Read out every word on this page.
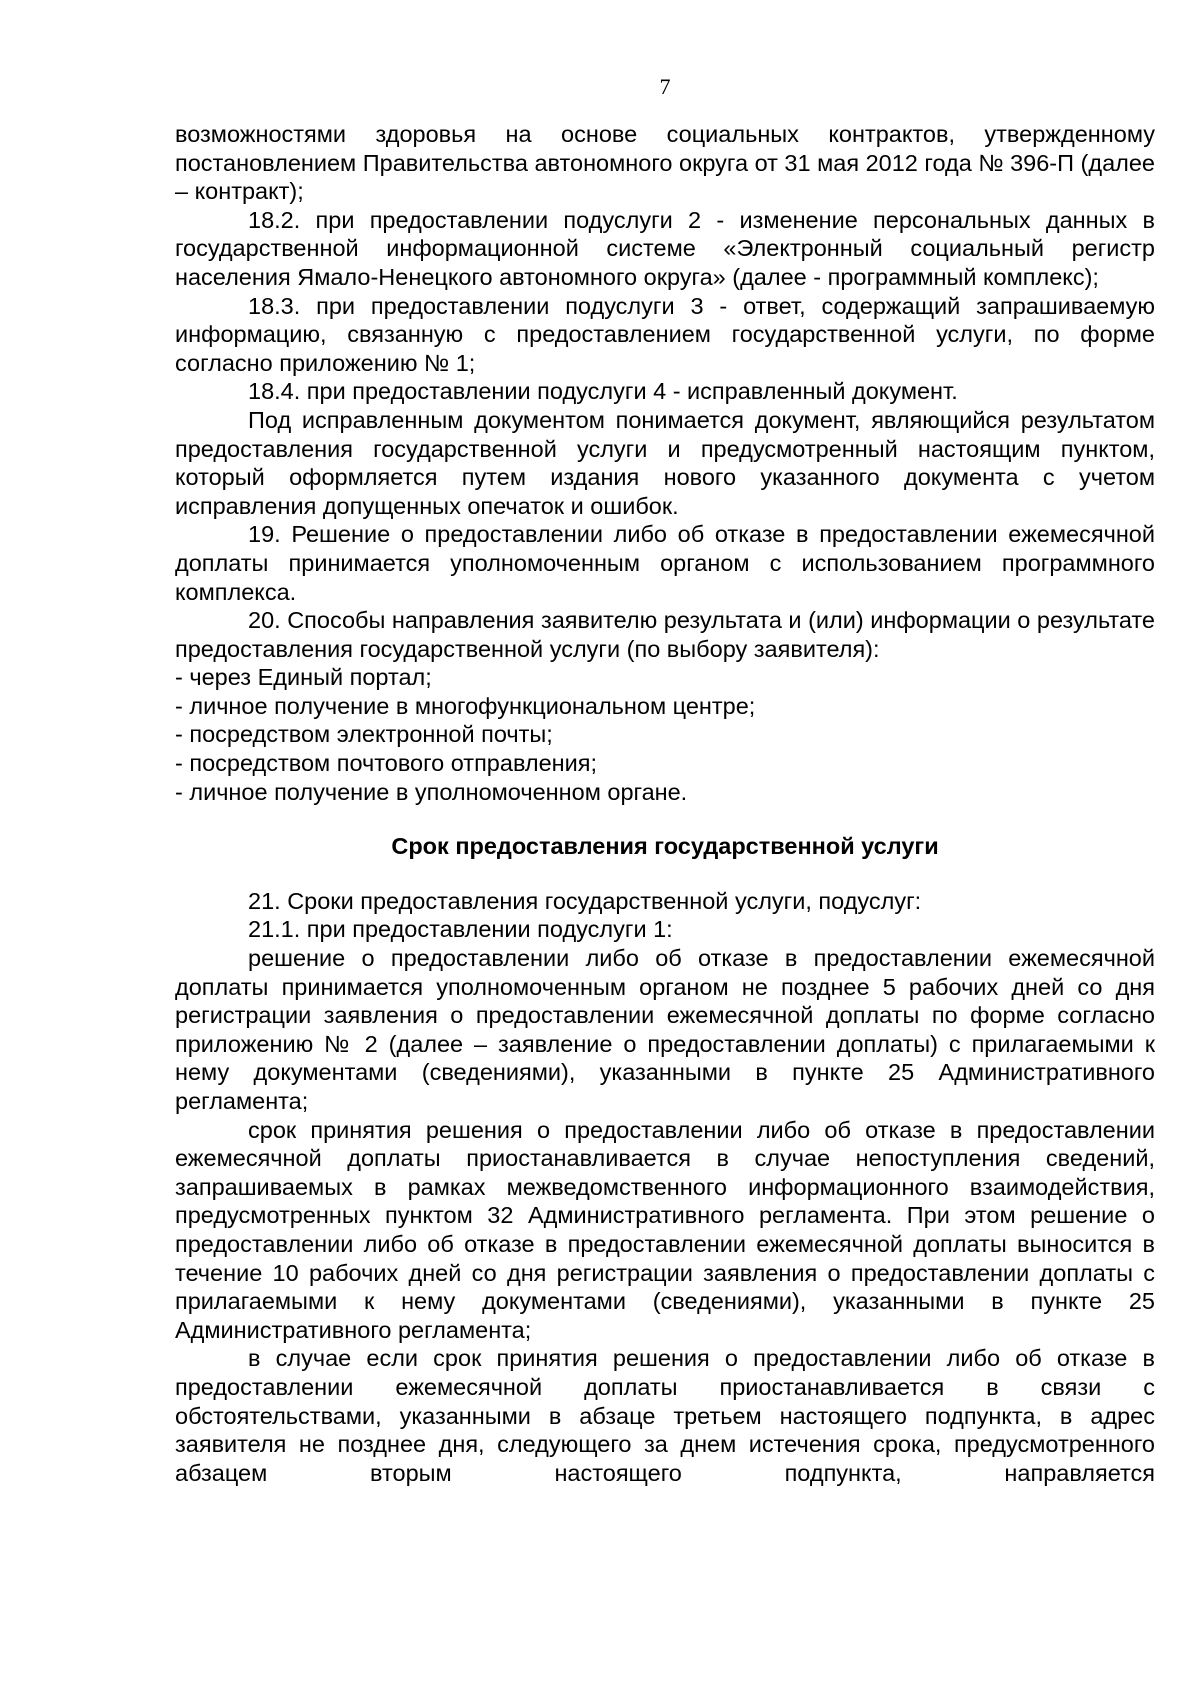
7

возможностями здоровья на основе социальных контрактов, утвержденному постановлением Правительства автономного округа от 31 мая 2012 года № 396-П (далее – контракт);

18.2. при предоставлении подуслуги 2 - изменение персональных данных в государственной информационной системе «Электронный социальный регистр населения Ямало-Ненецкого автономного округа» (далее - программный комплекс);

18.3. при предоставлении подуслуги 3 - ответ, содержащий запрашиваемую информацию, связанную с предоставлением государственной услуги, по форме согласно приложению № 1;

18.4. при предоставлении подуслуги 4 - исправленный документ.

Под исправленным документом понимается документ, являющийся результатом предоставления государственной услуги и предусмотренный настоящим пунктом, который оформляется путем издания нового указанного документа с учетом исправления допущенных опечаток и ошибок.

19. Решение о предоставлении либо об отказе в предоставлении ежемесячной доплаты принимается уполномоченным органом с использованием программного комплекса.

20. Способы направления заявителю результата и (или) информации о результате предоставления государственной услуги (по выбору заявителя):

- через Единый портал;

- личное получение в многофункциональном центре;

- посредством электронной почты;

- посредством почтового отправления;

- личное получение в уполномоченном органе.

Срок предоставления государственной услуги

21. Сроки предоставления государственной услуги, подуслуг:

21.1. при предоставлении подуслуги 1:

решение о предоставлении либо об отказе в предоставлении ежемесячной доплаты принимается уполномоченным органом не позднее 5 рабочих дней со дня регистрации заявления о предоставлении ежемесячной доплаты по форме согласно приложению № 2 (далее – заявление о предоставлении доплаты) с прилагаемыми к нему документами (сведениями), указанными в пункте 25 Административного регламента;

срок принятия решения о предоставлении либо об отказе в предоставлении ежемесячной доплаты приостанавливается в случае непоступления сведений, запрашиваемых в рамках межведомственного информационного взаимодействия, предусмотренных пунктом 32 Административного регламента. При этом решение о предоставлении либо об отказе в предоставлении ежемесячной доплаты выносится в течение 10 рабочих дней со дня регистрации заявления о предоставлении доплаты с прилагаемыми к нему документами (сведениями), указанными в пункте 25 Административного регламента;

в случае если срок принятия решения о предоставлении либо об отказе в предоставлении ежемесячной доплаты приостанавливается в связи с обстоятельствами, указанными в абзаце третьем настоящего подпункта, в адрес заявителя не позднее дня, следующего за днем истечения срока, предусмотренного абзацем вторым настоящего подпункта, направляется
